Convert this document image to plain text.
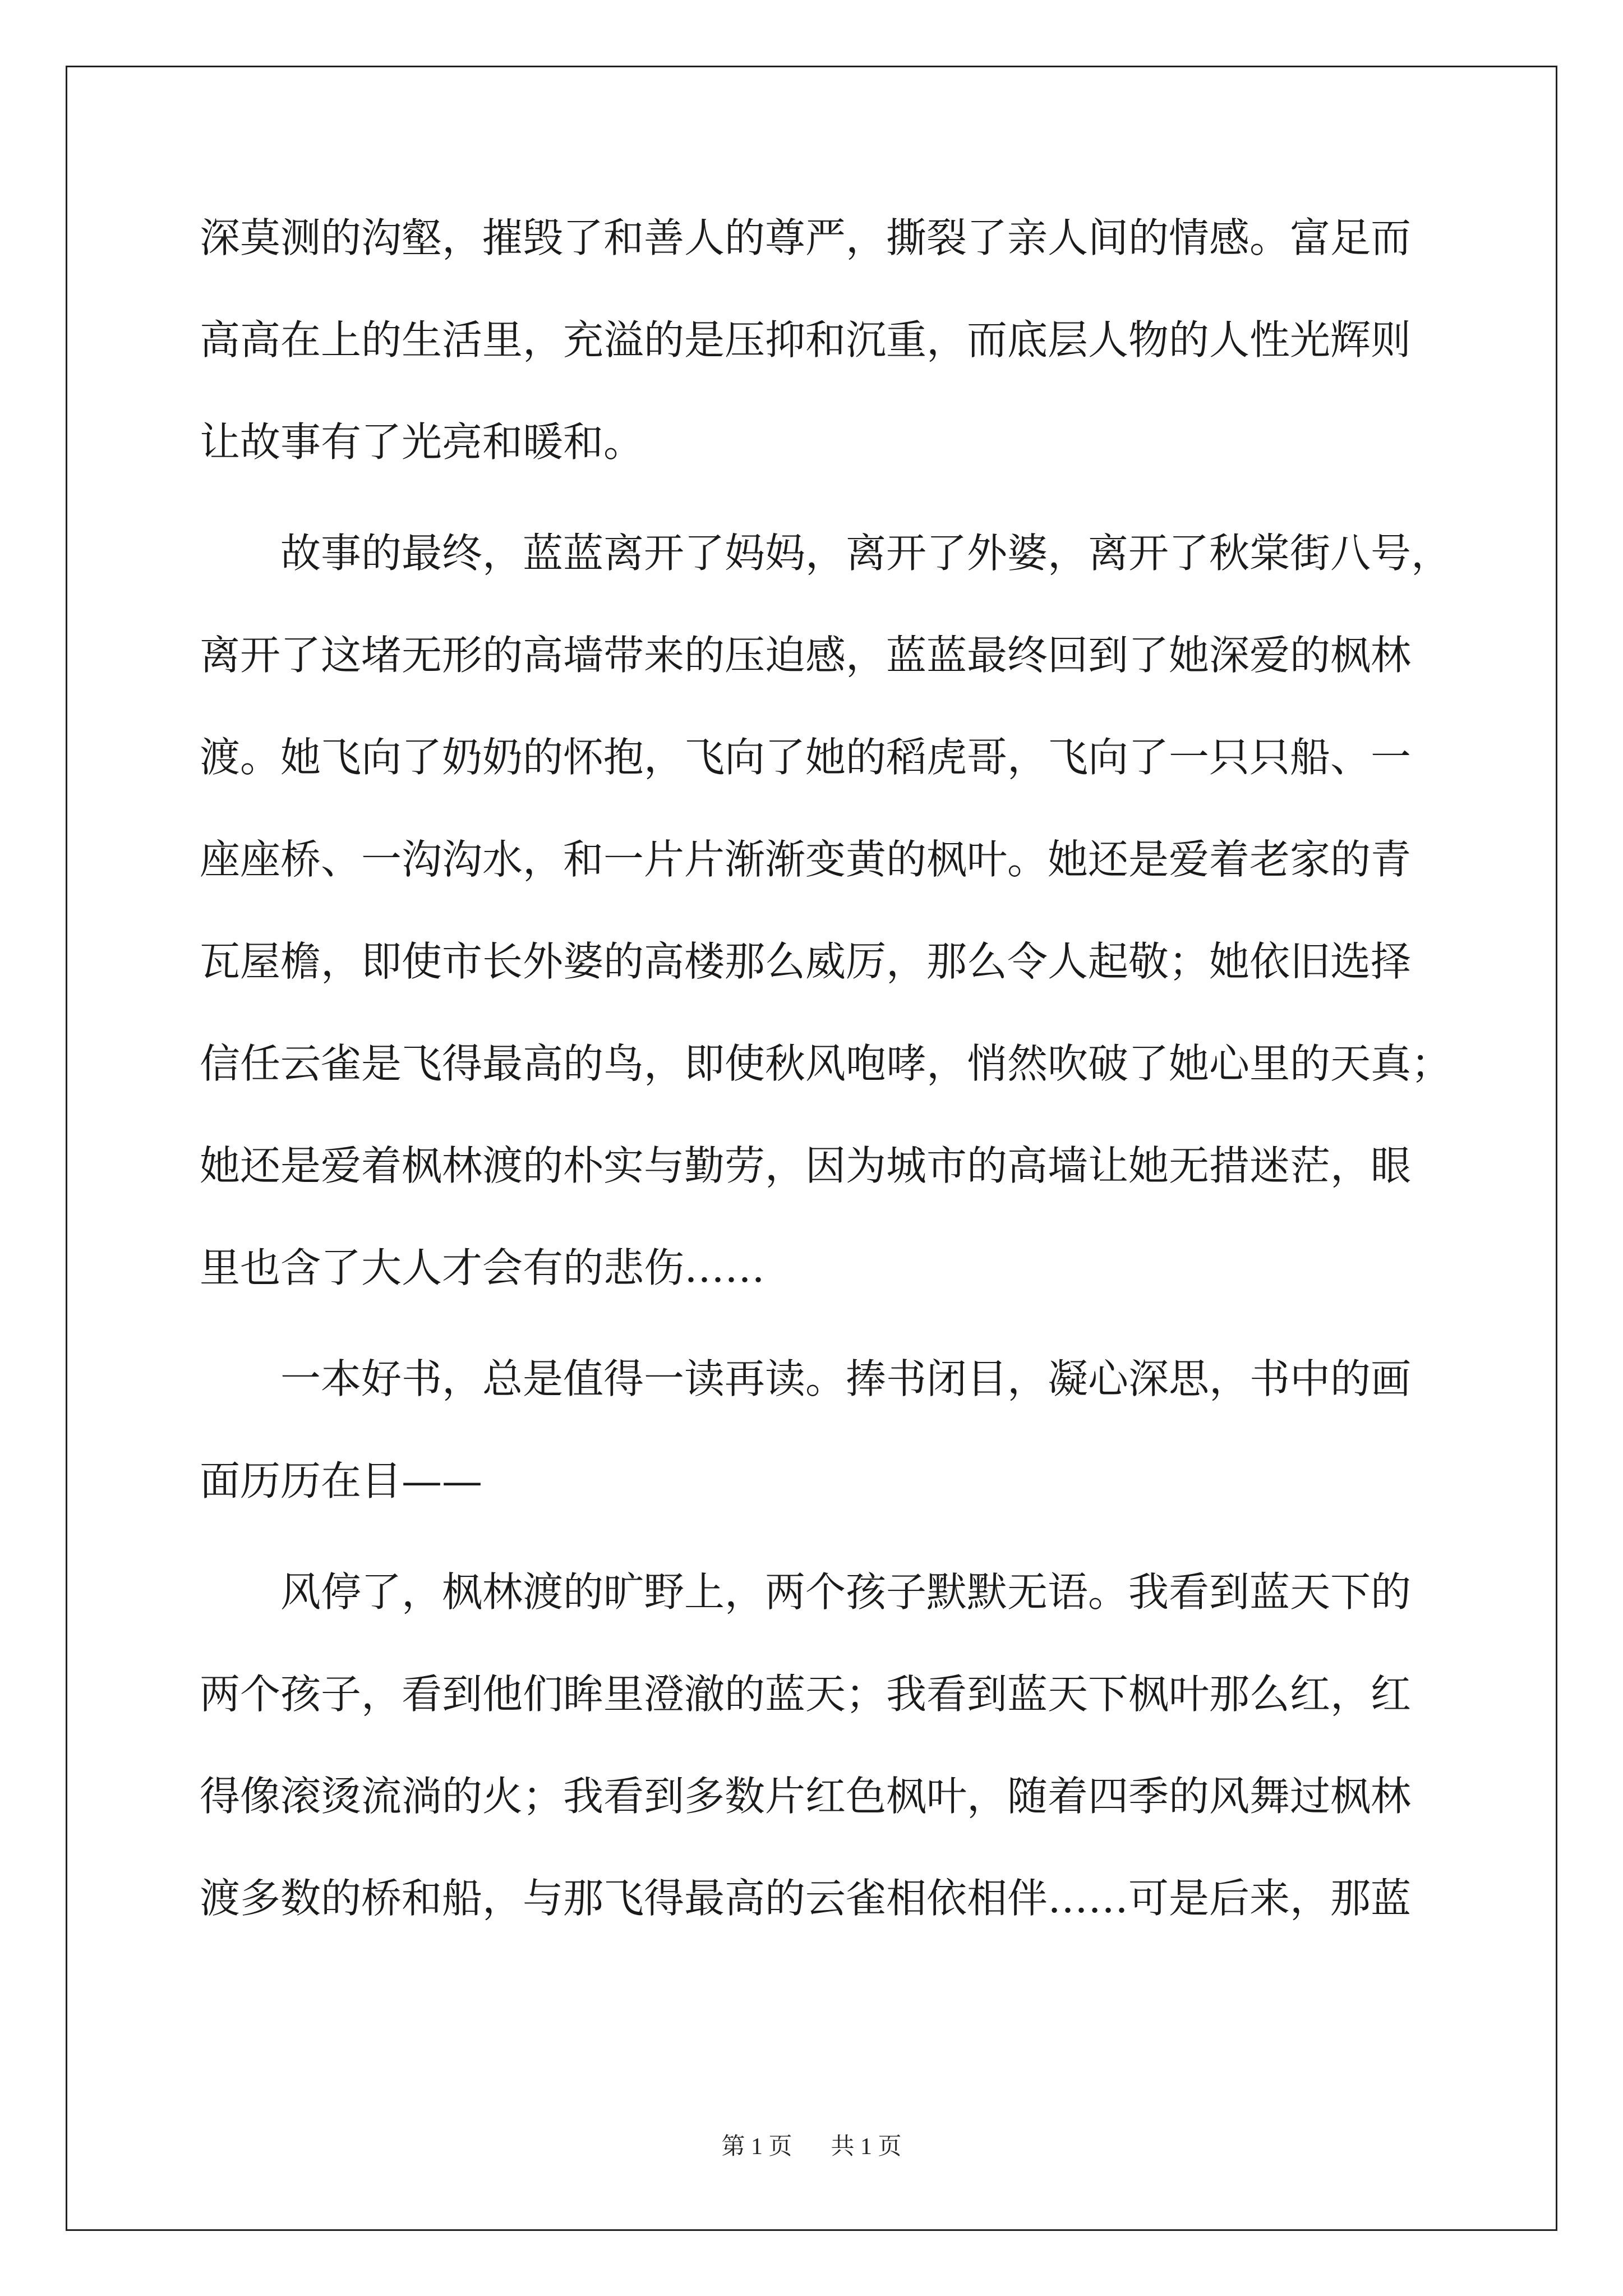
深莫测的沟壑，摧毁了和善人的尊严，撕裂了亲人间的情感。富足而
高高在上的生活里，充溢的是压抑和沉重，而底层人物的人性光辉则
让故事有了光亮和暖和。
故事的最终，蓝蓝离开了妈妈，离开了外婆，离开了秋棠街八号，
离开了这堵无形的高墙带来的压迫感，蓝蓝最终回到了她深爱的枫林
渡。她飞向了奶奶的怀抱，飞向了她的稻虎哥，飞向了一只只船、一
座座桥、一沟沟水，和一片片渐渐变黄的枫叶。她还是爱着老家的青
瓦屋檐，即使市长外婆的高楼那么威厉，那么令人起敬；她依旧选择
信任云雀是飞得最高的鸟，即使秋风咆哮，悄然吹破了她心里的天真；
她还是爱着枫林渡的朴实与勤劳，因为城市的高墙让她无措迷茫，眼
里也含了大人才会有的悲伤……
一本好书，总是值得一读再读。捧书闭目，凝心深思，书中的画
面历历在目——
风停了，枫林渡的旷野上，两个孩子默默无语。我看到蓝天下的
两个孩子，看到他们眸里澄澈的蓝天；我看到蓝天下枫叶那么红，红
得像滚烫流淌的火；我看到多数片红色枫叶，随着四季的风舞过枫林
渡多数的桥和船，与那飞得最高的云雀相依相伴……可是后来，那蓝
第 1 页 共 1 页
